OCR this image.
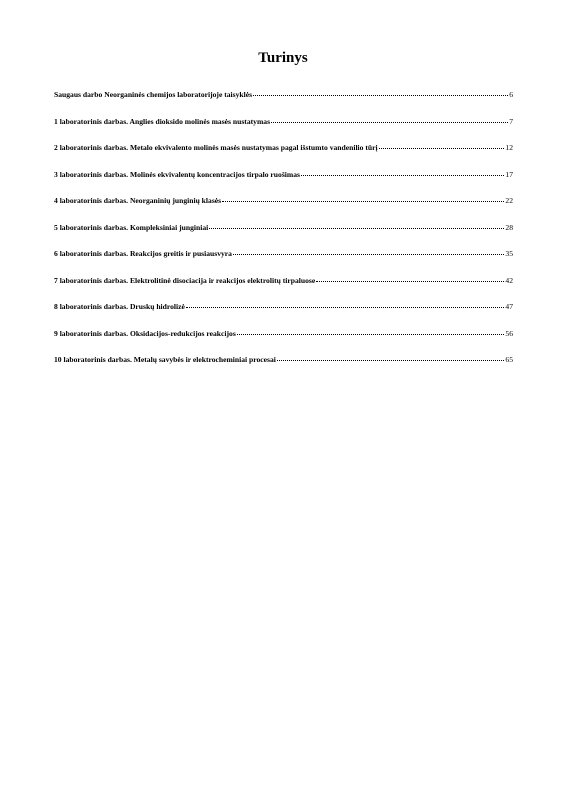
Turinys
Saugaus darbo Neorganinės chemijos laboratorijoje taisyklės	6
1 laboratorinis darbas. Anglies dioksido molinės masės nustatymas	7
2 laboratorinis darbas. Metalo ekvivalento molinės masės nustatymas pagal išstumto vandenilio tūrį	12
3 laboratorinis darbas. Molinės ekvivalentų koncentracijos tirpalo ruošimas	17
4 laboratorinis darbas. Neorganinių junginių klasės	22
5 laboratorinis darbas. Kompleksiniai junginiai	28
6 laboratorinis darbas. Reakcijos greitis ir pusiausvyra	35
7 laboratorinis darbas. Elektrolitinė disociacija ir reakcijos elektrolitų tirpaluose	42
8 laboratorinis darbas. Druskų hidrolizė	47
9 laboratorinis darbas. Oksidacijos-redukcijos reakcijos	56
10 laboratorinis darbas. Metalų savybės ir elektrocheminiai procesai	65
